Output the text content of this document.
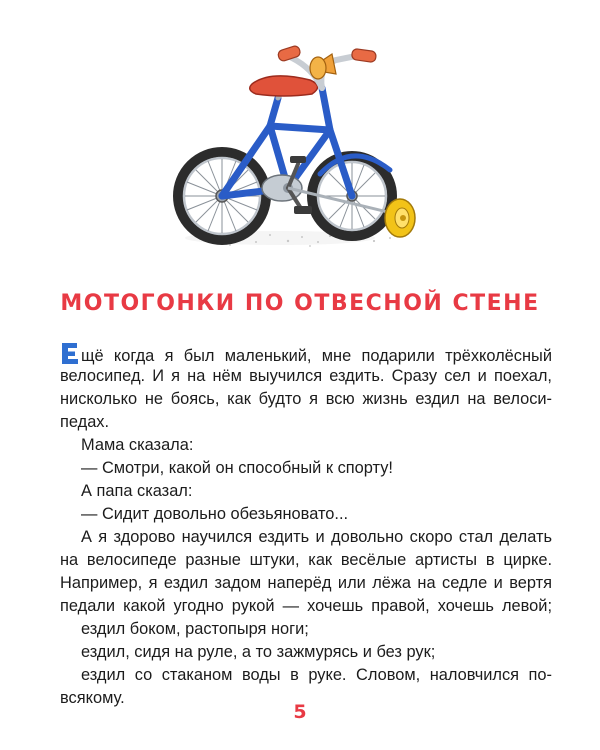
МОТОГОНКИ ПО ОТВЕСНОЙ СТЕНЕ
щё когда я был маленький, мне подарили трёхколёсный
велосипед. И я на нём выучился ездить. Сразу сел и поехал,
нисколько не боясь, как будто я всю жизнь ездил на велоси-
педах.
Мама сказала:
— Смотри, какой он способный к спорту!
А папа сказал:
— Сидит довольно обезьяновато...
А я здорово научился ездить и довольно скоро стал делать
на велосипеде разные штуки, как весёлые артисты в цирке.
Например, я ездил задом наперёд или лёжа на седле и вертя
педали какой угодно рукой — хочешь правой, хочешь левой;
ездил боком, растопыря ноги;
ездил, сидя на руле, а то зажмурясь и без рук;
ездил со стаканом воды в руке. Словом, наловчился по-
всякому.
5
